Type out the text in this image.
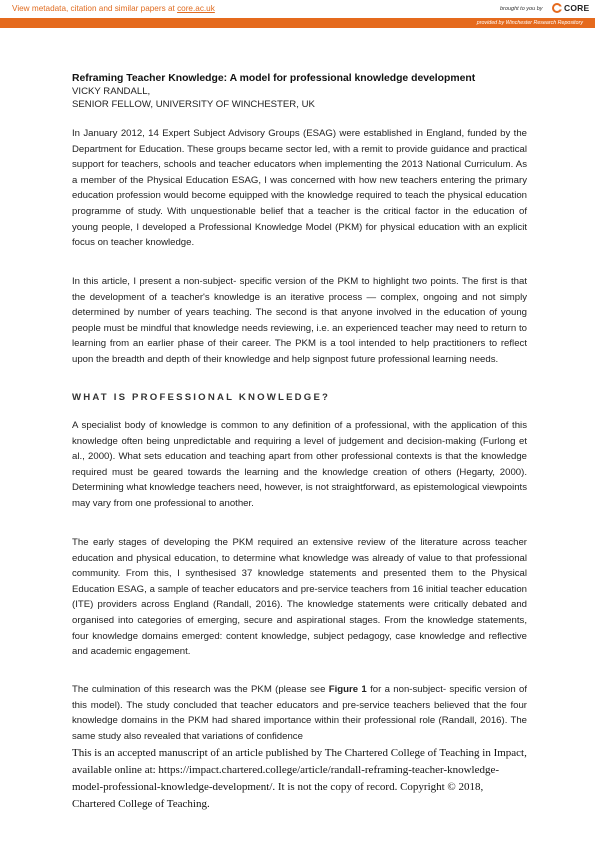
View metadata, citation and similar papers at core.ac.uk	brought to you by	CORE
provided by Winchester Research Repository

Reframing Teacher Knowledge: A model for professional knowledge development

VICKY RANDALL,

SENIOR FELLOW, UNIVERSITY OF WINCHESTER, UK

In January 2012, 14 Expert Subject Advisory Groups (ESAG) were established in England, funded by the Department for Education. These groups became sector led, with a remit to provide guidance and practical support for teachers, schools and teacher educators when implementing the 2013 National Curriculum. As a member of the Physical Education ESAG, I was concerned with how new teachers entering the primary education profession would become equipped with the knowledge required to teach the physical education programme of study. With unquestionable belief that a teacher is the critical factor in the education of young people, I developed a Professional Knowledge Model (PKM) for physical education with an explicit focus on teacher knowledge.

In this article, I present a non-subject- specific version of the PKM to highlight two points. The first is that the development of a teacher's knowledge is an iterative process — complex, ongoing and not simply determined by number of years teaching. The second is that anyone involved in the education of young people must be mindful that knowledge needs reviewing, i.e. an experienced teacher may need to return to learning from an earlier phase of their career. The PKM is a tool intended to help practitioners to reflect upon the breadth and depth of their knowledge and help signpost future professional learning needs.

WHAT IS PROFESSIONAL KNOWLEDGE?

A specialist body of knowledge is common to any definition of a professional, with the application of this knowledge often being unpredictable and requiring a level of judgement and decision-making (Furlong et al., 2000). What sets education and teaching apart from other professional contexts is that the knowledge required must be geared towards the learning and the knowledge creation of others (Hegarty, 2000). Determining what knowledge teachers need, however, is not straightforward, as epistemological viewpoints may vary from one professional to another.

The early stages of developing the PKM required an extensive review of the literature across teacher education and physical education, to determine what knowledge was already of value to that professional community. From this, I synthesised 37 knowledge statements and presented them to the Physical Education ESAG, a sample of teacher educators and pre-service teachers from 16 initial teacher education (ITE) providers across England (Randall, 2016). The knowledge statements were critically debated and organised into categories of emerging, secure and aspirational stages. From the knowledge statements, four knowledge domains emerged: content knowledge, subject pedagogy, case knowledge and reflective and academic engagement.

The culmination of this research was the PKM (please see Figure 1 for a non-subject- specific version of this model). The study concluded that teacher educators and pre-service teachers believed that the four knowledge domains in the PKM had shared importance within their professional role (Randall, 2016). The same study also revealed that variations of confidence

This is an accepted manuscript of an article published by The Chartered College of Teaching in Impact, available online at: https://impact.chartered.college/article/randall-reframing-teacher-knowledge-model-professional-knowledge-development/. It is not the copy of record. Copyright © 2018, Chartered College of Teaching.
